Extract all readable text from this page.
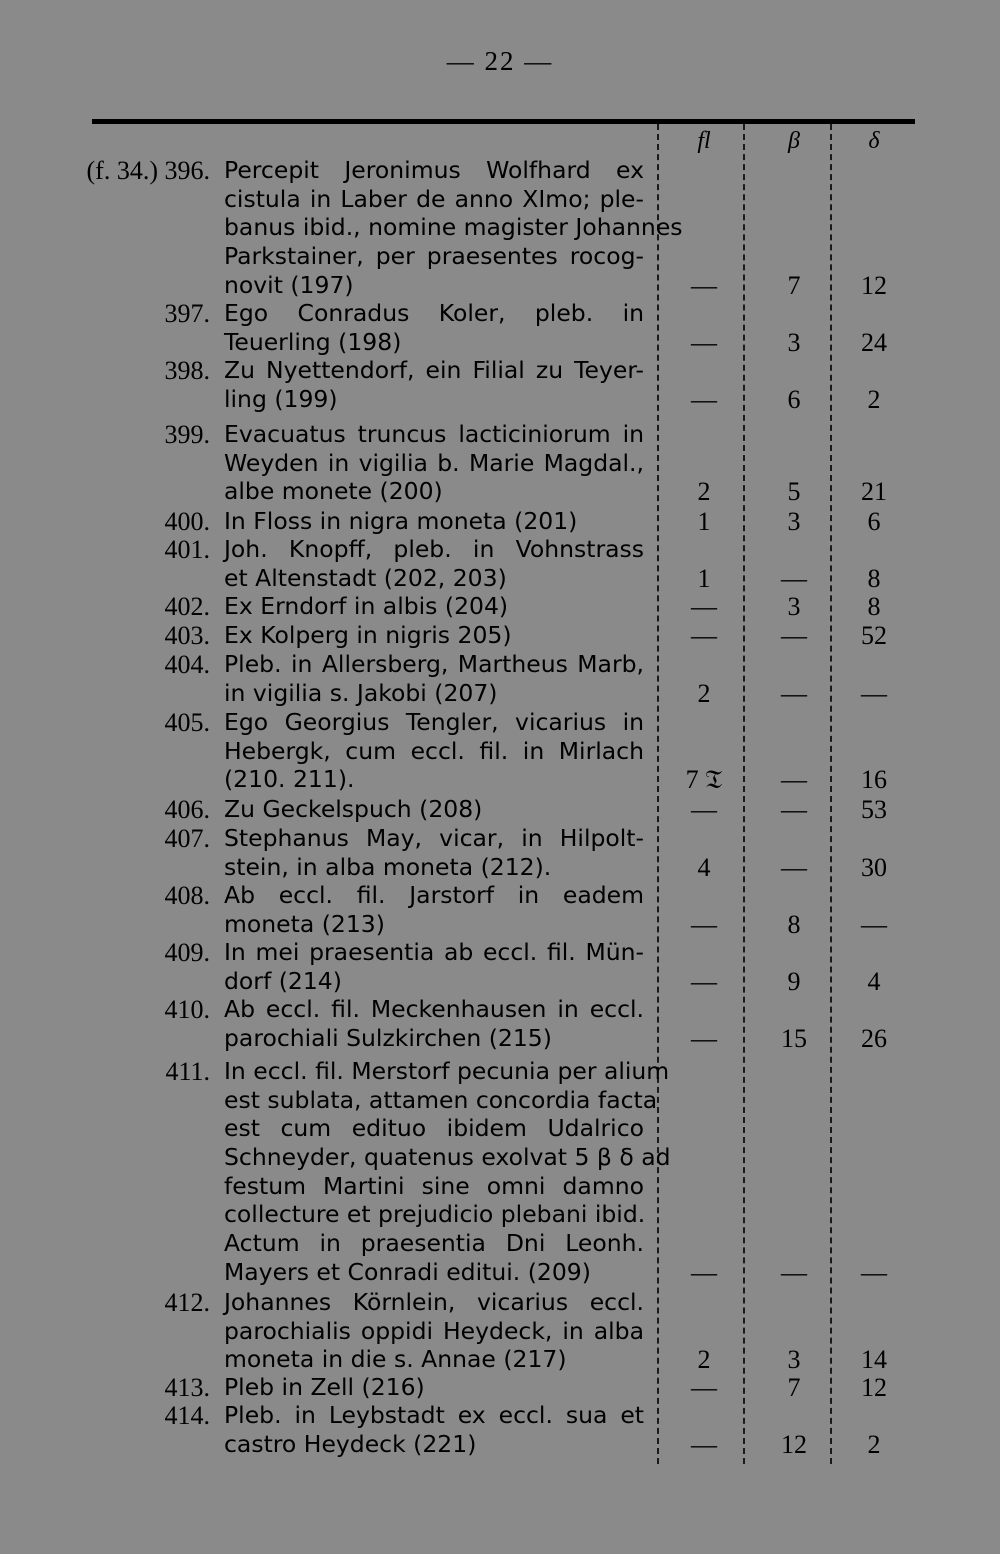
— 22 —
fl	β	δ
(f. 34.) 396. Percepit Jeronimus Wolfhard ex
cistula in Laber de anno XImo; ple-
banus ibid., nomine magister Johannes
Parkstainer, per praesentes rocog-
novit (197)	—	7	12
397. Ego Conradus Koler, pleb. in
Teuerling (198)	—	3	24
398. Zu Nyettendorf, ein Filial zu Teyer-
ling (199)	—	6	2
399. Evacuatus truncus lacticiniorum in
Weyden in vigilia b. Marie Magdal.,
albe monete (200)	2	5	21
400. In Floss in nigra moneta (201)	1	3	6
401. Joh. Knopff, pleb. in Vohnstrass
et Altenstadt (202, 203)	1	—	8
402. Ex Erndorf in albis (204)	—	3	8
403. Ex Kolperg in nigris 205)	—	—	52
404. Pleb. in Allersberg, Martheus Marb,
in vigilia s. Jakobi (207)	2	—	—
405. Ego Georgius Tengler, vicarius in
Hebergk, cum eccl. fil. in Mirlach
(210. 211).	7 𝔗	—	16
406. Zu Geckelspuch (208)	—	—	53
407. Stephanus May, vicar, in Hilpolt-
stein, in alba moneta (212).	4	—	30
408. Ab eccl. fil. Jarstorf in eadem
moneta (213)	—	8	—
409. In mei praesentia ab eccl. fil. Mün-
dorf (214)	—	9	4
410. Ab eccl. fil. Meckenhausen in eccl.
parochiali Sulzkirchen (215)	—	15	26
411. In eccl. fil. Merstorf pecunia per alium
est sublata, attamen concordia facta
est cum edituo ibidem Udalrico
Schneyder, quatenus exolvat 5 β δ ad
festum Martini sine omni damno
collecture et prejudicio plebani ibid.
Actum in praesentia Dni Leonh.
Mayers et Conradi editui. (209)	—	—	—
412. Johannes Körnlein, vicarius eccl.
parochialis oppidi Heydeck, in alba
moneta in die s. Annae (217)	2	3	14
413. Pleb in Zell (216)	—	7	12
414. Pleb. in Leybstadt ex eccl. sua et
castro Heydeck (221)	—	12	2
